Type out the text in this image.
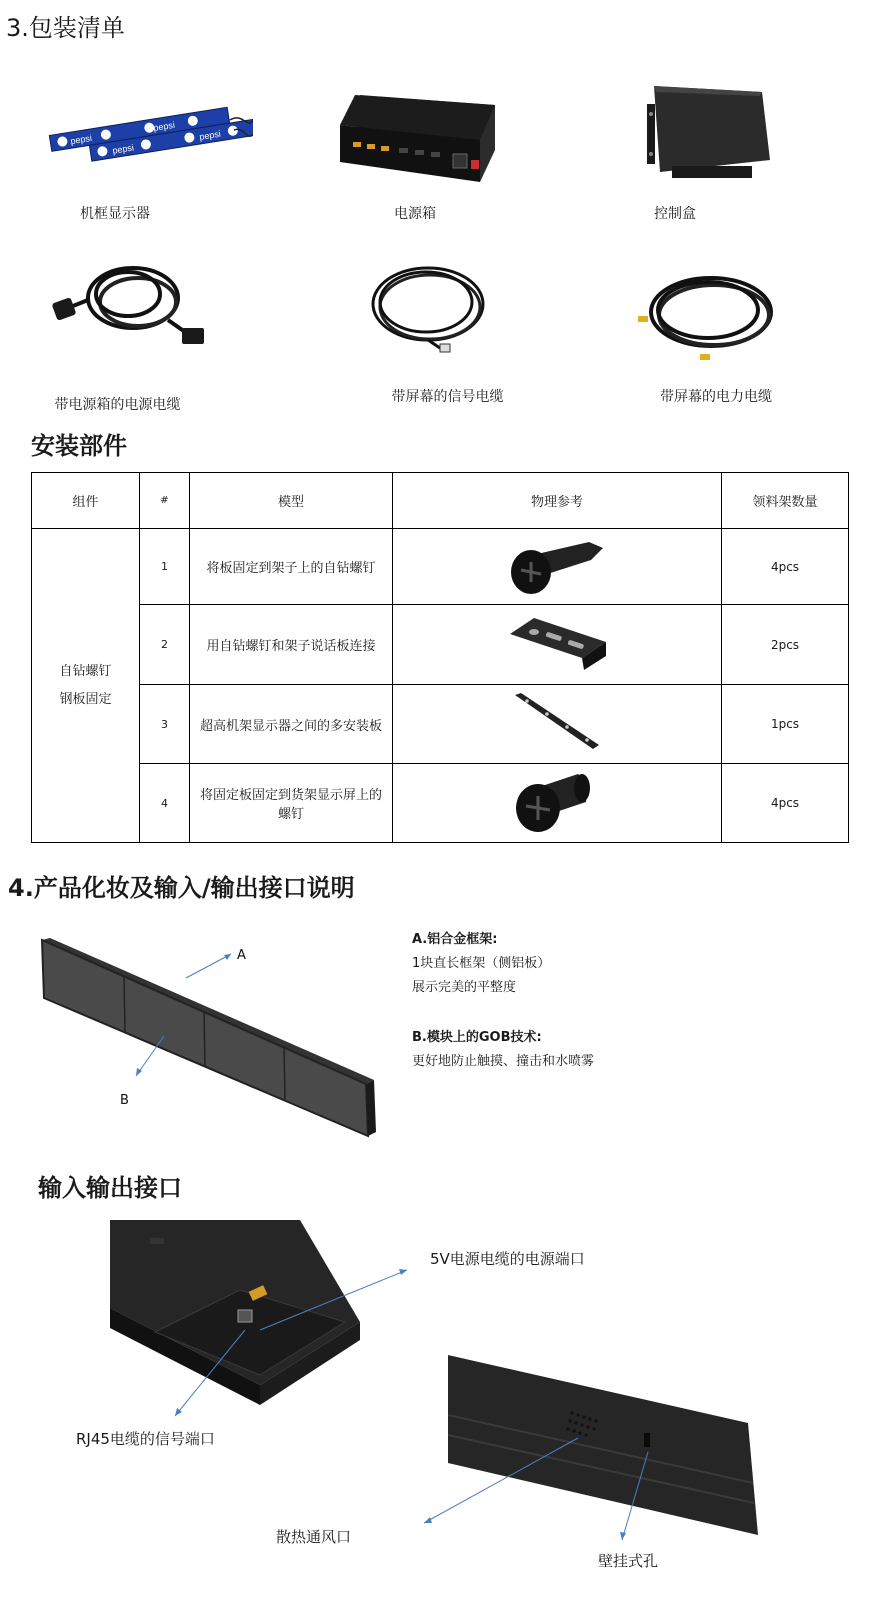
3.包装清单
pepsi
pepsi
pepsi
pepsi
机框显示器	电源箱	控制盒
带电源箱的电源电缆	带屏幕的信号电缆	带屏幕的电力电缆
安装部件
组件	#	模型	物理参考	领料架数量

自钻螺钉
钢板固定	1	将板固定到架子上的自钻螺钉		4pcs
	2	用自钻螺钉和架子说话板连接		2pcs
	3	超高机架显示器之间的多安装板		1pcs
	4	将固定板固定到货架显示屏上的螺钉		4pcs
4.产品化妆及输入/输出接口说明
A
B
A.铝合金框架:
1块直长框架（侧铝板）
展示完美的平整度
B.模块上的GOB技术:
更好地防止触摸、撞击和水喷雾
输入输出接口
5V电源电缆的电源端口
RJ45电缆的信号端口
散热通风口
壁挂式孔
